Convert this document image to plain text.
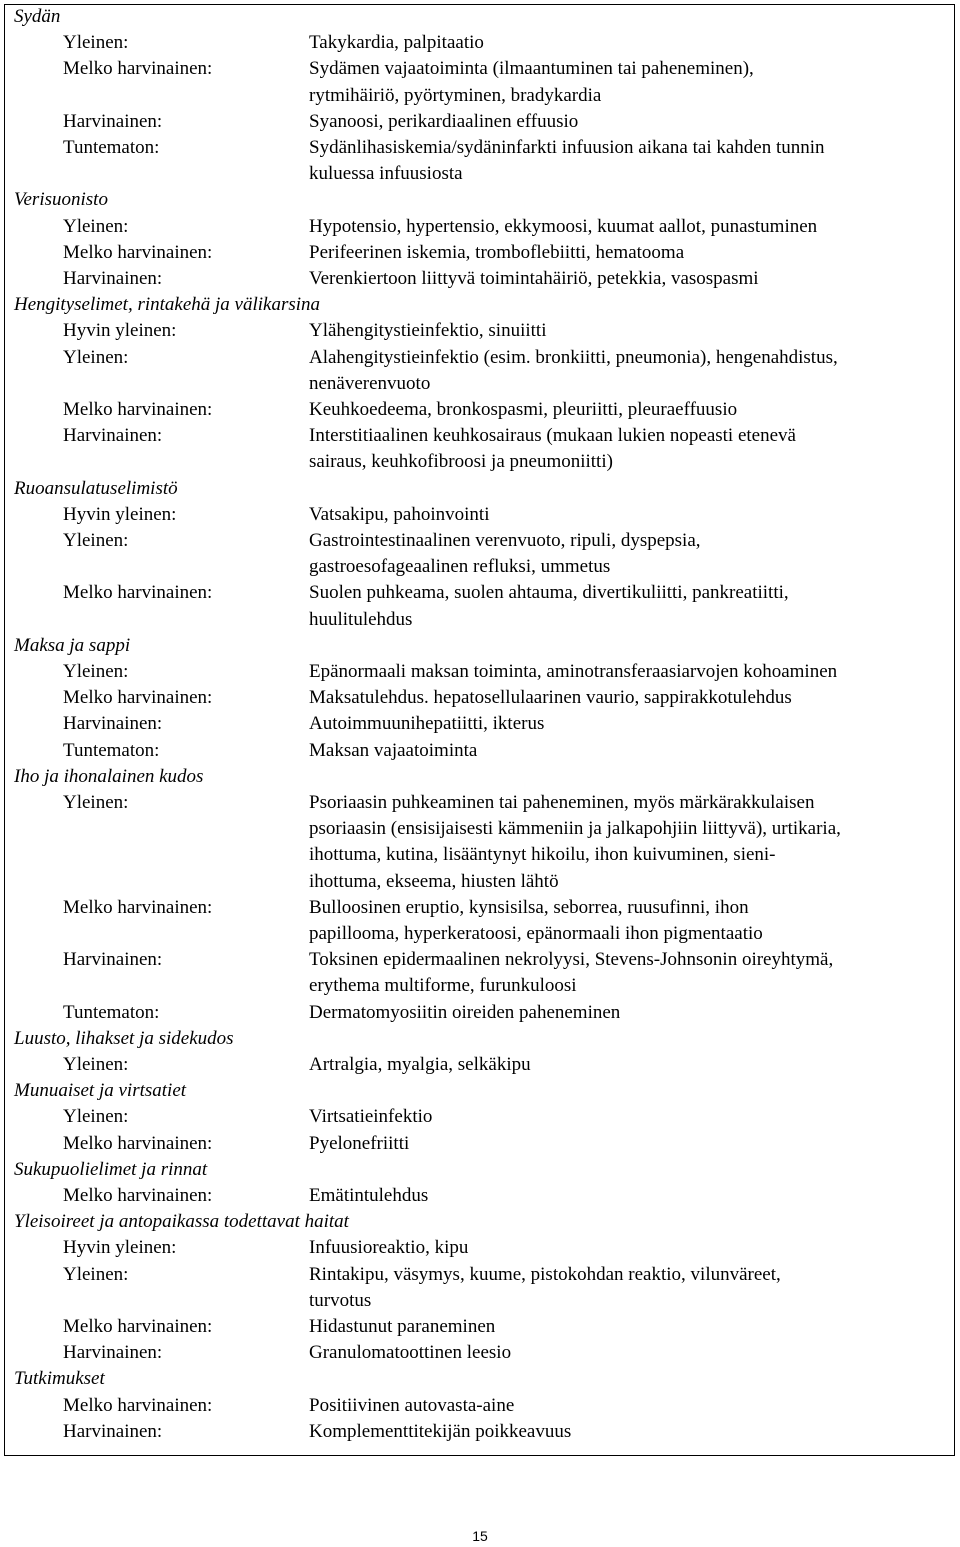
Sydän
Yleinen:	Takykardia, palpitaatio
Melko harvinainen:	Sydämen vajaatoiminta (ilmaantuminen tai paheneminen),
rytmihäiriö, pyörtyminen, bradykardia
Harvinainen:	Syanoosi, perikardiaalinen effuusio
Tuntematon:	Sydänlihasiskemia/sydäninfarkti infuusion aikana tai kahden tunnin
kuluessa infuusiosta
Verisuonisto
Yleinen:	Hypotensio, hypertensio, ekkymoosi, kuumat aallot, punastuminen
Melko harvinainen:	Perifeerinen iskemia, tromboflebiitti, hematooma
Harvinainen:	Verenkiertoon liittyvä toimintahäiriö, petekkia, vasospasmi
Hengityselimet, rintakehä ja välikarsina
Hyvin yleinen:	Ylähengitystieinfektio, sinuiitti
Yleinen:	Alahengitystieinfektio (esim. bronkiitti, pneumonia), hengenahdistus,
nenäverenvuoto
Melko harvinainen:	Keuhkoedeema, bronkospasmi, pleuriitti, pleuraeffuusio
Harvinainen:	Interstitiaalinen keuhkosairaus (mukaan lukien nopeasti etenevä
sairaus, keuhkofibroosi ja pneumoniitti)
Ruoansulatuselimistö
Hyvin yleinen:	Vatsakipu, pahoinvointi
Yleinen:	Gastrointestinaalinen verenvuoto, ripuli, dyspepsia,
gastroesofageaalinen refluksi, ummetus
Melko harvinainen:	Suolen puhkeama, suolen ahtauma, divertikuliitti, pankreatiitti,
huulitulehdus
Maksa ja sappi
Yleinen:	Epänormaali maksan toiminta, aminotransferaasiarvojen kohoaminen
Melko harvinainen:	Maksatulehdus. hepatosellulaarinen vaurio, sappirakkotulehdus
Harvinainen:	Autoimmuunihepatiitti, ikterus
Tuntematon:	Maksan vajaatoiminta
Iho ja ihonalainen kudos
Yleinen:	Psoriaasin puhkeaminen tai paheneminen, myös märkärakkulaisen
psoriaasin (ensisijaisesti kämmeniin ja jalkapohjiin liittyvä), urtikaria,
ihottuma, kutina, lisääntynyt hikoilu, ihon kuivuminen, sieni-
ihottuma, ekseema, hiusten lähtö
Melko harvinainen:	Bulloosinen eruptio, kynsisilsa, seborrea, ruusufinni, ihon
papillooma, hyperkeratoosi, epänormaali ihon pigmentaatio
Harvinainen:	Toksinen epidermaalinen nekrolyysi, Stevens-Johnsonin oireyhtymä,
erythema multiforme, furunkuloosi
Tuntematon:	Dermatomyosiitin oireiden paheneminen
Luusto, lihakset ja sidekudos
Yleinen:	Artralgia, myalgia, selkäkipu
Munuaiset ja virtsatiet
Yleinen:	Virtsatieinfektio
Melko harvinainen:	Pyelonefriitti
Sukupuolielimet ja rinnat
Melko harvinainen:	Emätintulehdus
Yleisoireet ja antopaikassa todettavat haitat
Hyvin yleinen:	Infuusioreaktio, kipu
Yleinen:	Rintakipu, väsymys, kuume, pistokohdan reaktio, vilunväreet,
turvotus
Melko harvinainen:	Hidastunut paraneminen
Harvinainen:	Granulomatoottinen leesio
Tutkimukset
Melko harvinainen:	Positiivinen autovasta-aine
Harvinainen:	Komplementtitekijän poikkeavuus
15
